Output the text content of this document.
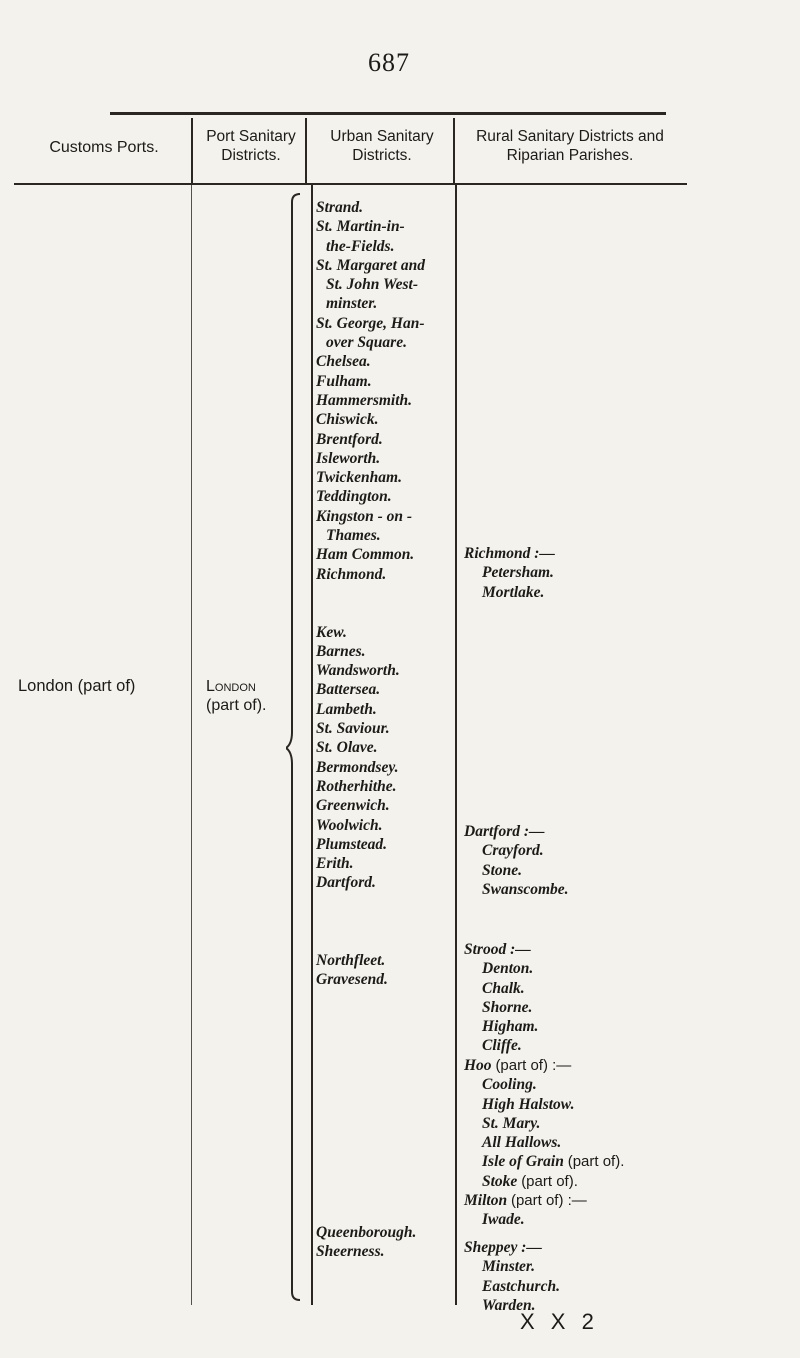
687
Customs Ports.
Port Sanitary
Districts.
Urban Sanitary
Districts.
Rural Sanitary Districts and
Riparian Parishes.
London (part of)	London
(part of).
Strand.
St. Martin-in-
the-Fields.
St. Margaret and
St. John West-
minster.
St. George, Han-
over Square.
Chelsea.
Fulham.
Hammersmith.
Chiswick.
Brentford.
Isleworth.
Twickenham.
Teddington.
Kingston - on -
Thames.
Ham Common.
Richmond.
Kew.
Barnes.
Wandsworth.
Battersea.
Lambeth.
St. Saviour.
St. Olave.
Bermondsey.
Rotherhithe.
Greenwich.
Woolwich.
Plumstead.
Erith.
Dartford.
Northfleet.
Gravesend.
Queenborough.
Sheerness.
Richmond :—
Petersham.
Mortlake.
Dartford :—
Crayford.
Stone.
Swanscombe.
Strood :—
Denton.
Chalk.
Shorne.
Higham.
Cliffe.
Hoo (part of) :—
Cooling.
High Halstow.
St. Mary.
All Hallows.
Isle of Grain (part of).
Stoke (part of).
Milton (part of) :—
Iwade.
Sheppey :—
Minster.
Eastchurch.
Warden.
X X 2
